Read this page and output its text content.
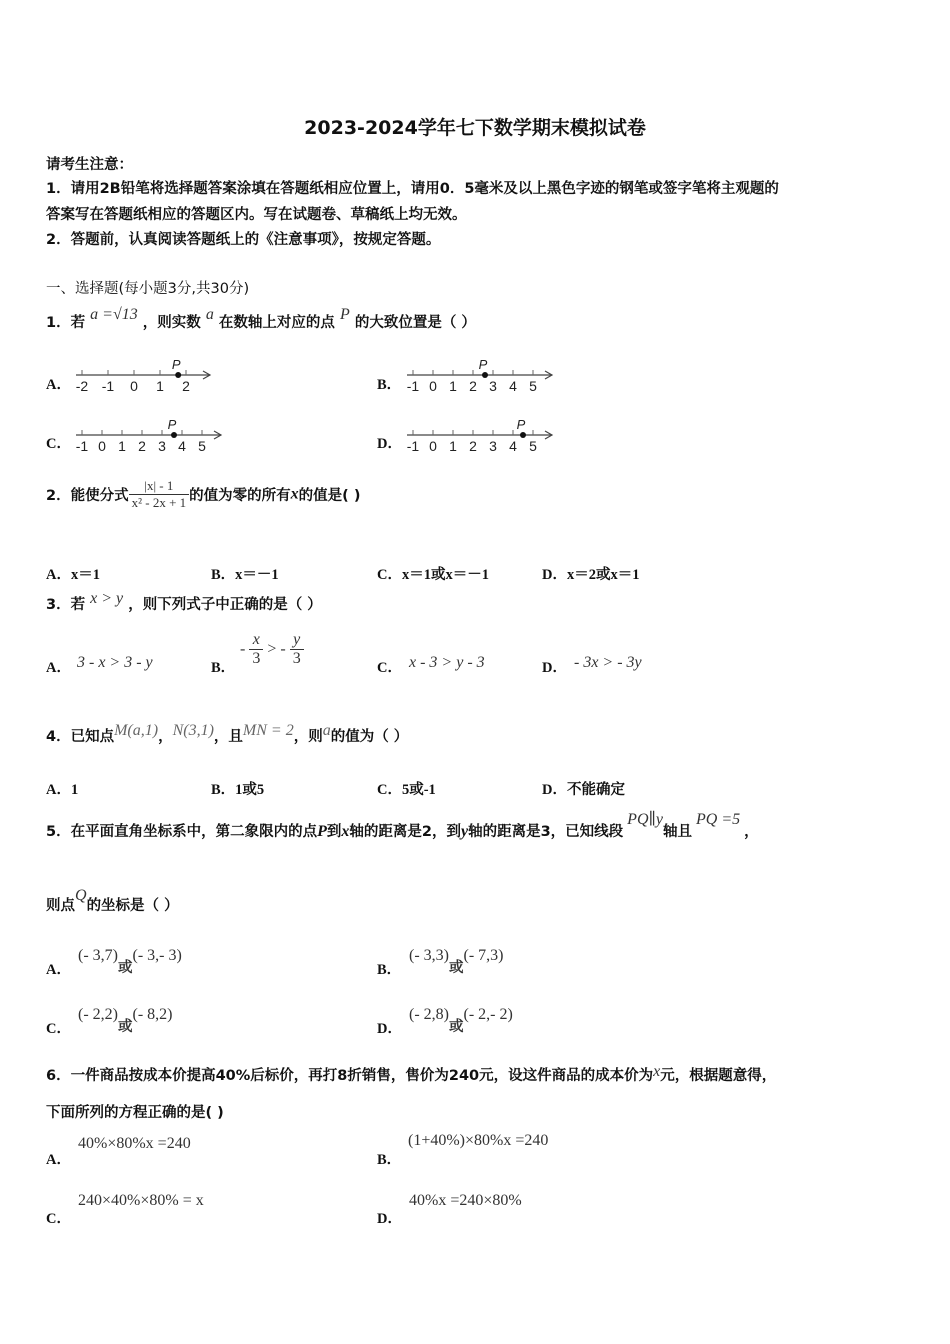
2023-2024学年七下数学期末模拟试卷
请考生注意：
1．请用2B铅笔将选择题答案涂填在答题纸相应位置上，请用0．5毫米及以上黑色字迹的钢笔或签字笔将主观题的
答案写在答题纸相应的答题区内。写在试题卷、草稿纸上均无效。
2．答题前，认真阅读答题纸上的《注意事项》，按规定答题。
一、选择题(每小题3分,共30分)
1．若 a =√13 ，则实数 a 在数轴上对应的点 P 的大致位置是（ ）
A． -2 -1 0 1 2
P
B． -1 0 1 2 3 4 5
P
C． -1 0 1 2 3 4 5
P
D． -1 0 1 2 3 4 5
P
2．能使分式 $\frac{|x| - 1}{\text{x² - 2x + 1}}$ 的值为零的所有x的值是( )
A．x＝1	B．x＝－1	C．x＝1或x＝－1	D．x＝2或x＝1
3．若 x > y ，则下列式子中正确的是（ ）
A． 3 - x > 3 - y	B．
- $\frac{x}{3}$ > - $\frac{y}{3}$	C． x - 3 > y - 3	D． - 3x > - 3y
4．已知点M(a,1)，N(3,1)，且MN = 2，则a的值为（ ）
A．1	B．1或5	C．5或-1	D．不能确定
5．在平面直角坐标系中，第二象限内的点P到x轴的距离是2，到y轴的距离是3，已知线段PQ∥y轴且PQ =5，
则点Q的坐标是（ ）
A．
(- 3,7)或(- 3,- 3)
B．
(- 3,3)或(- 7,3)
C．
(- 2,2)或(- 8,2)
D．
(- 2,8)或(- 2,- 2)
6．一件商品按成本价提高40%后标价，再打8折销售，售价为240元，设这件商品的成本价为x元，根据题意得，
下面所列的方程正确的是( )
A．
40%×80%x =240
B．
(1+40%)×80%x =240
C．
240×40%×80% = x
D．
40%x =240×80%
